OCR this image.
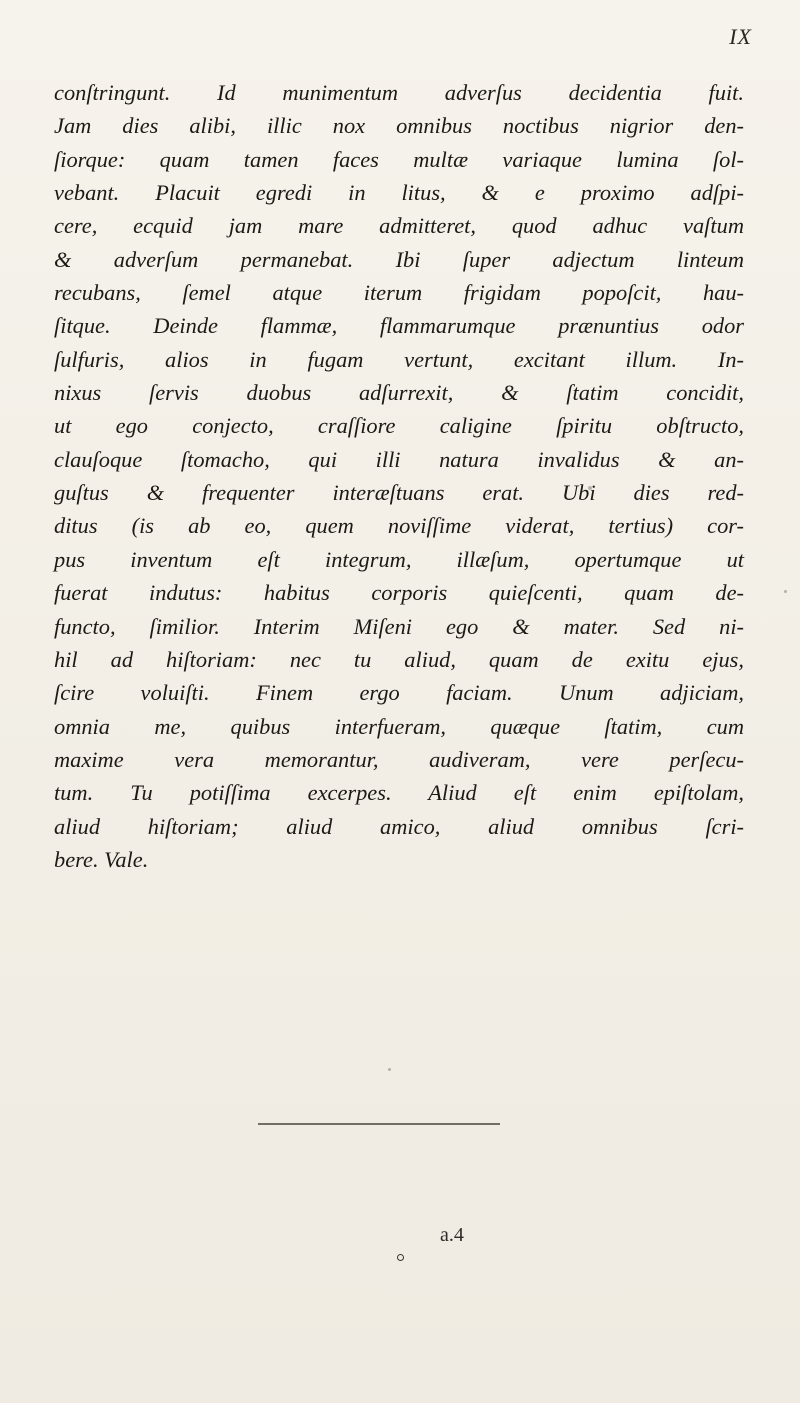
IX
conſtringunt. Id munimentum adverſus decidentia fuit.
Jam dies alibi, illic nox omnibus noctibus nigrior den-
ſiorque: quam tamen faces multæ variaque lumina ſol-
vebant. Placuit egredi in litus, & e proximo adſpi-
cere, ecquid jam mare admitteret, quod adhuc vaſtum
& adverſum permanebat. Ibi ſuper adjectum linteum
recubans, ſemel atque iterum frigidam popoſcit, hau-
ſitque. Deinde flammæ, flammarumque prænuntius odor
ſulfuris, alios in fugam vertunt, excitant illum. In-
nixus ſervis duobus adſurrexit, & ſtatim concidit,
ut ego conjecto, craſſiore caligine ſpiritu obſtructo,
clauſoque ſtomacho, qui illi natura invalidus & an-
guſtus & frequenter interæſtuans erat. Ubi dies red-
ditus (is ab eo, quem noviſſime viderat, tertius) cor-
pus inventum eſt integrum, illæſum, opertumque ut
fuerat indutus: habitus corporis quieſcenti, quam de-
functo, ſimilior. Interim Miſeni ego & mater. Sed ni-
hil ad hiſtoriam: nec tu aliud, quam de exitu ejus,
ſcire voluiſti. Finem ergo faciam. Unum adjiciam,
omnia me, quibus interfueram, quæque ſtatim, cum
maxime vera memorantur, audiveram, vere perſecu-
tum. Tu potiſſima excerpes. Aliud eſt enim epiſtolam,
aliud hiſtoriam; aliud amico, aliud omnibus ſcri-
bere. Vale.
a.4
